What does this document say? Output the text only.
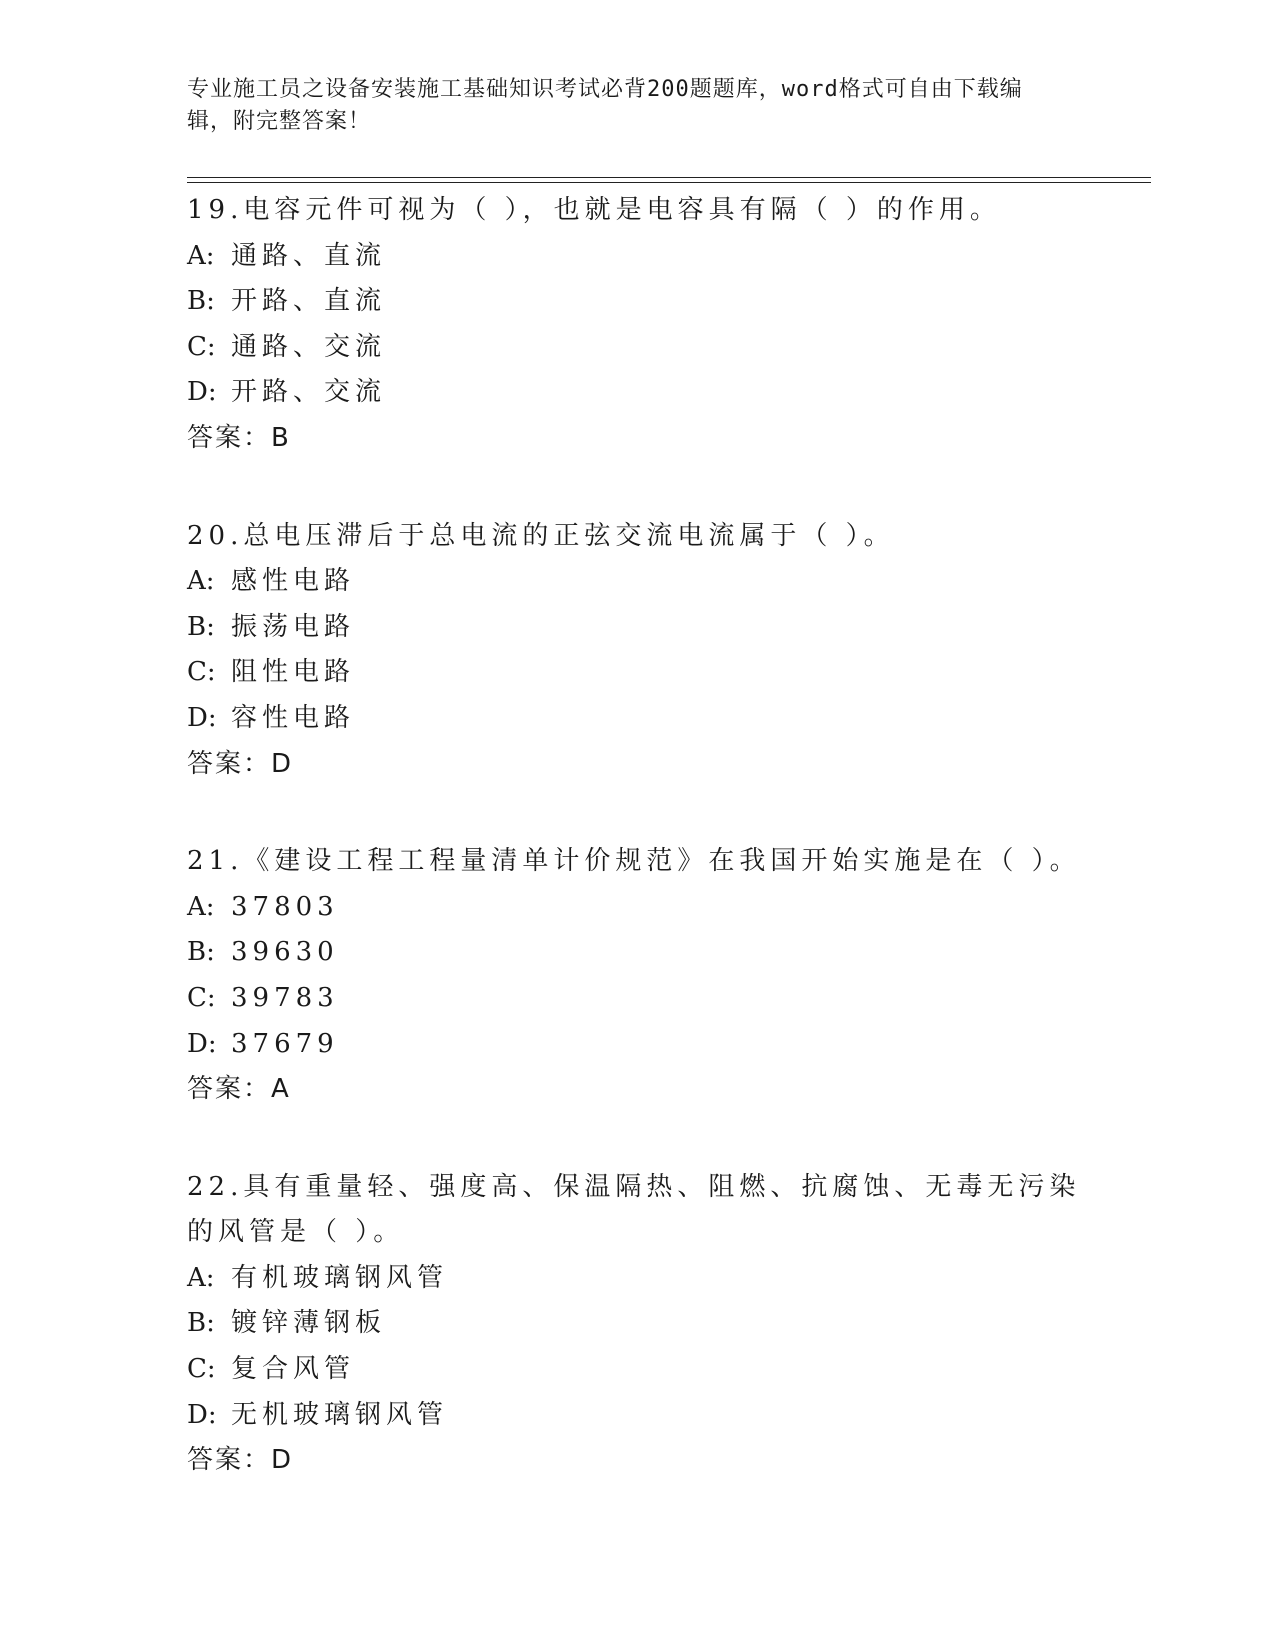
专业施工员之设备安装施工基础知识考试必背200题题库，word格式可自由下载编辑，附完整答案！
19.电容元件可视为（ ），也就是电容具有隔（ ）的作用。
A: 通路、直流
B: 开路、直流
C: 通路、交流
D: 开路、交流
答案：B
20.总电压滞后于总电流的正弦交流电流属于（ ）。
A: 感性电路
B: 振荡电路
C: 阻性电路
D: 容性电路
答案：D
21.《建设工程工程量清单计价规范》在我国开始实施是在（ ）。
A: 37803
B: 39630
C: 39783
D: 37679
答案：A
22.具有重量轻、强度高、保温隔热、阻燃、抗腐蚀、无毒无污染的风管是（ ）。
A: 有机玻璃钢风管
B: 镀锌薄钢板
C: 复合风管
D: 无机玻璃钢风管
答案：D
